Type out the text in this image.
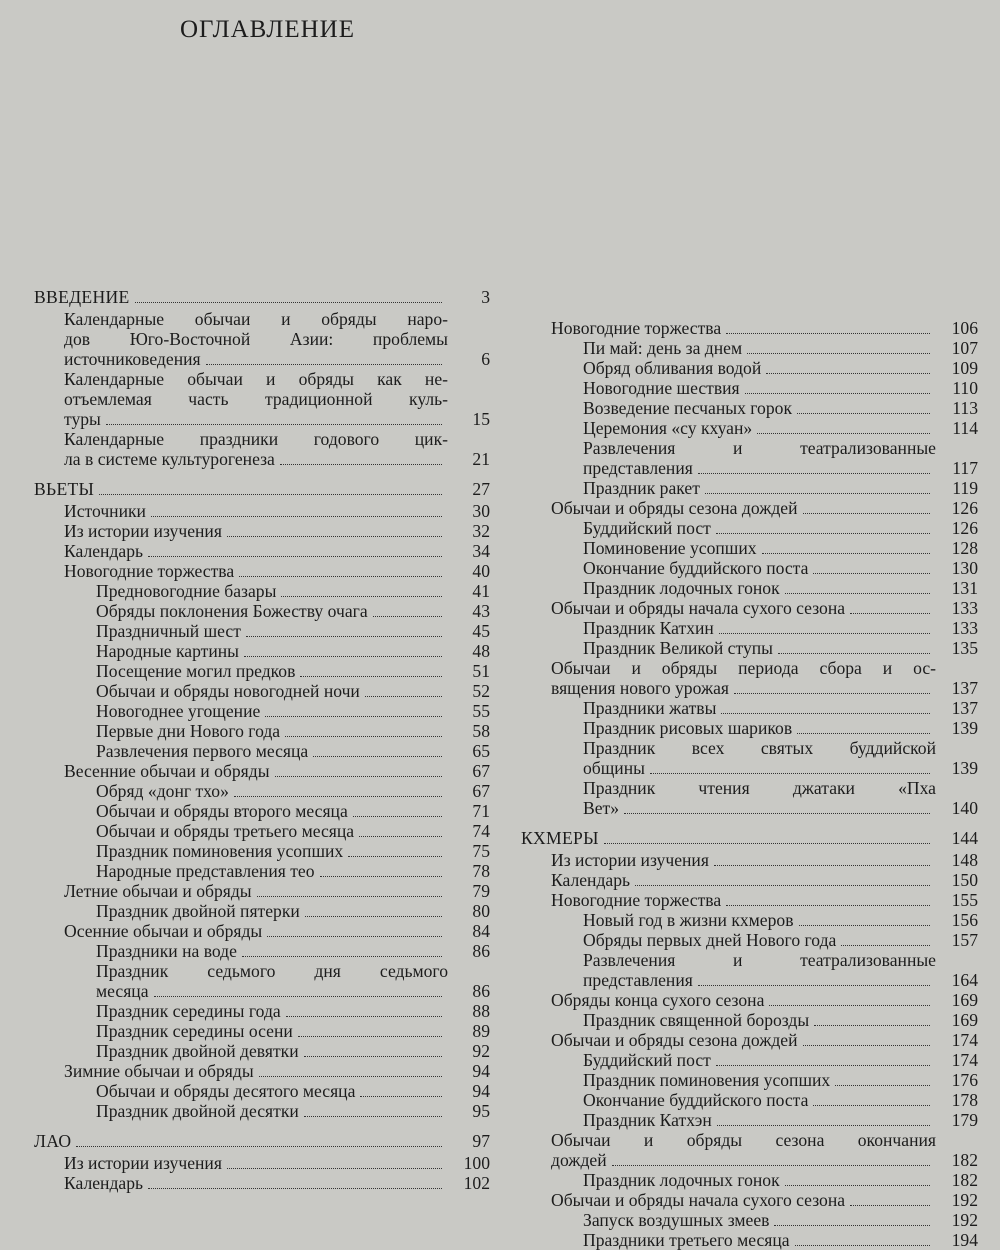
ОГЛАВЛЕНИЕ
ВВЕДЕНИЕ	3
Календарные обычаи и обряды наро-
дов Юго-Восточной Азии: проблемы
источниковедения	6
Календарные обычаи и обряды как не-
отъемлемая часть традиционной куль-
туры	15
Календарные праздники годового цик-
ла в системе культурогенеза	21
ВЬЕТЫ	27
Источники	30
Из истории изучения	32
Календарь	34
Новогодние торжества	40
Предновогодние базары	41
Обряды поклонения Божеству очага	43
Праздничный шест	45
Народные картины	48
Посещение могил предков	51
Обычаи и обряды новогодней ночи	52
Новогоднее угощение	55
Первые дни Нового года	58
Развлечения первого месяца	65
Весенние обычаи и обряды	67
Обряд «донг тхо»	67
Обычаи и обряды второго месяца	71
Обычаи и обряды третьего месяца	74
Праздник поминовения усопших	75
Народные представления тео	78
Летние обычаи и обряды	79
Праздник двойной пятерки	80
Осенние обычаи и обряды	84
Праздники на воде	86
Праздник седьмого дня седьмого
месяца	86
Праздник середины года	88
Праздник середины осени	89
Праздник двойной девятки	92
Зимние обычаи и обряды	94
Обычаи и обряды десятого месяца	94
Праздник двойной десятки	95
ЛАО	97
Из истории изучения	100
Календарь	102
Новогодние торжества	106
Пи май: день за днем	107
Обряд обливания водой	109
Новогодние шествия	110
Возведение песчаных горок	113
Церемония «су кхуан»	114
Развлечения и театрализованные
представления	117
Праздник ракет	119
Обычаи и обряды сезона дождей	126
Буддийский пост	126
Поминовение усопших	128
Окончание буддийского поста	130
Праздник лодочных гонок	131
Обычаи и обряды начала сухого сезона	133
Праздник Катхин	133
Праздник Великой ступы	135
Обычаи и обряды периода сбора и ос-
вящения нового урожая	137
Праздники жатвы	137
Праздник рисовых шариков	139
Праздник всех святых буддийской
общины	139
Праздник чтения джатаки «Пха
Вет»	140
КХМЕРЫ	144
Из истории изучения	148
Календарь	150
Новогодние торжества	155
Новый год в жизни кхмеров	156
Обряды первых дней Нового года	157
Развлечения и театрализованные
представления	164
Обряды конца сухого сезона	169
Праздник священной борозды	169
Обычаи и обряды сезона дождей	174
Буддийский пост	174
Праздник поминовения усопших	176
Окончание буддийского поста	178
Праздник Катхэн	179
Обычаи и обряды сезона окончания
дождей	182
Праздник лодочных гонок	182
Обычаи и обряды начала сухого сезона	192
Запуск воздушных змеев	192
Праздники третьего месяца	194
